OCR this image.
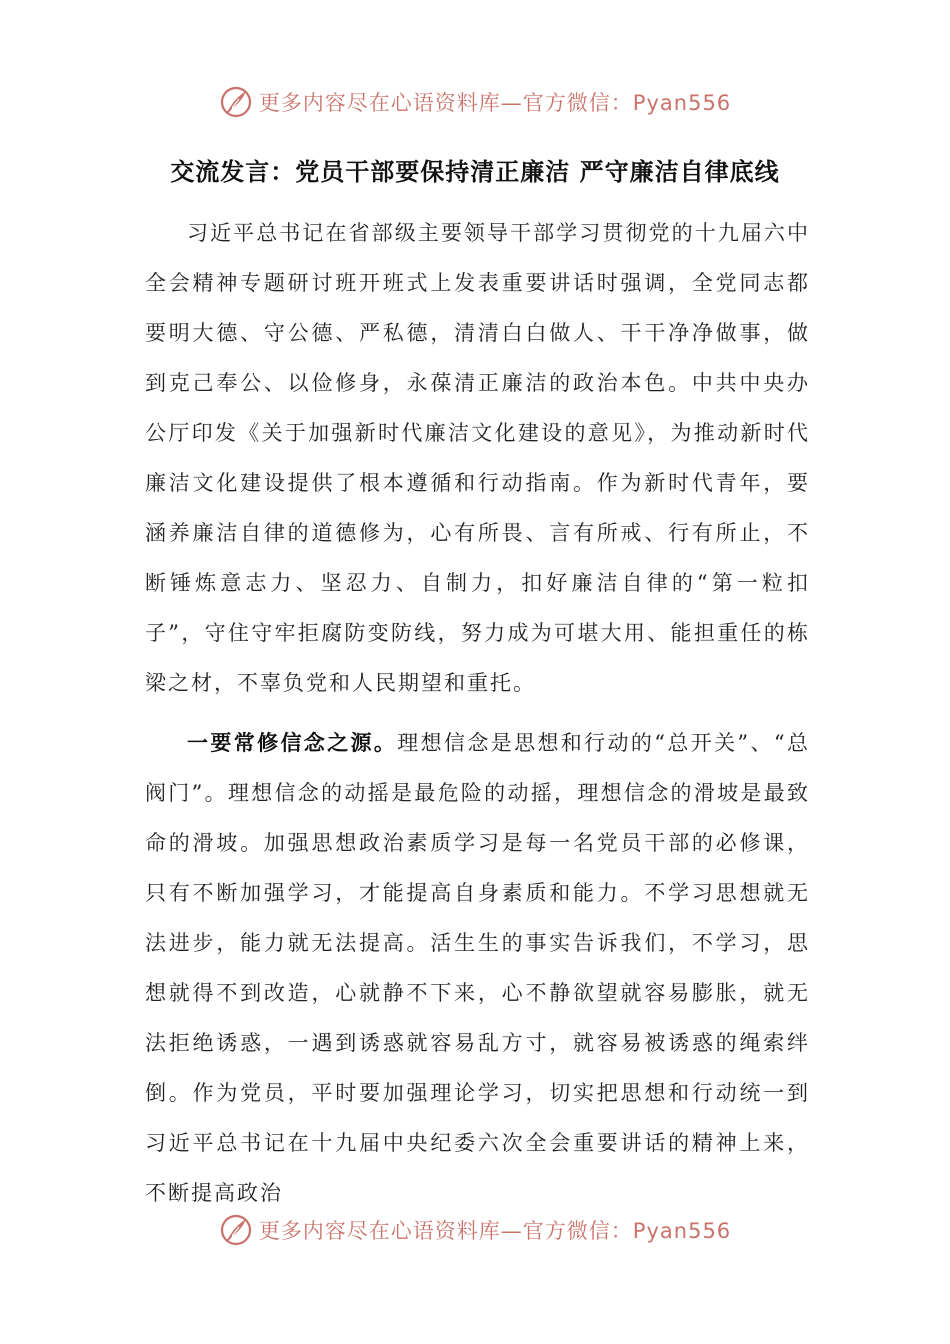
更多内容尽在心语资料库—官方微信：Pyan556
交流发言：党员干部要保持清正廉洁 严守廉洁自律底线

习近平总书记在省部级主要领导干部学习贯彻党的十九届六中全会精神专题研讨班开班式上发表重要讲话时强调，全党同志都要明大德、守公德、严私德，清清白白做人、干干净净做事，做到克己奉公、以俭修身，永葆清正廉洁的政治本色。中共中央办公厅印发《关于加强新时代廉洁文化建设的意见》，为推动新时代廉洁文化建设提供了根本遵循和行动指南。作为新时代青年，要涵养廉洁自律的道德修为，心有所畏、言有所戒、行有所止，不断锤炼意志力、坚忍力、自制力，扣好廉洁自律的“第一粒扣子”，守住守牢拒腐防变防线，努力成为可堪大用、能担重任的栋梁之材，不辜负党和人民期望和重托。

一要常修信念之源。理想信念是思想和行动的“总开关”、“总阀门”。理想信念的动摇是最危险的动摇，理想信念的滑坡是最致命的滑坡。加强思想政治素质学习是每一名党员干部的必修课，只有不断加强学习，才能提高自身素质和能力。不学习思想就无法进步，能力就无法提高。活生生的事实告诉我们，不学习，思想就得不到改造，心就静不下来，心不静欲望就容易膨胀，就无法拒绝诱惑，一遇到诱惑就容易乱方寸，就容易被诱惑的绳索绊倒。作为党员，平时要加强理论学习，切实把思想和行动统一到习近平总书记在十九届中央纪委六次全会重要讲话的精神上来，不断提高政治

更多内容尽在心语资料库—官方微信：Pyan556
